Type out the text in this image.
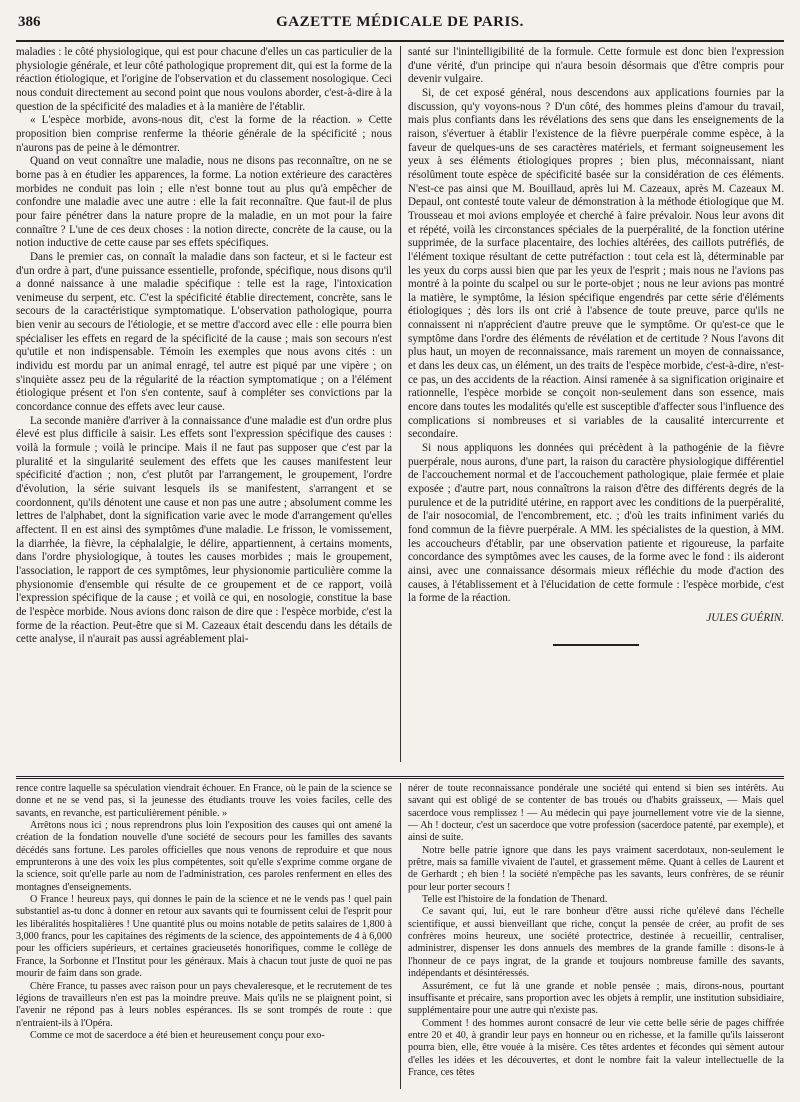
386	GAZETTE MÉDICALE DE PARIS.

maladies : le côté physiologique, qui est pour chacune d'elles un cas particulier de la physiologie générale, et leur côté pathologique proprement dit, qui est la forme de la réaction étiologique, et l'origine de l'observation et du classement nosologique. Ceci nous conduit directement au second point que nous voulons aborder, c'est-à-dire à la question de la spécificité des maladies et à la manière de l'établir.

« L'espèce morbide, avons-nous dit, c'est la forme de la réaction. » Cette proposition bien comprise renferme la théorie générale de la spécificité ; nous n'aurons pas de peine à le démontrer.

Quand on veut connaître une maladie, nous ne disons pas reconnaître, on ne se borne pas à en étudier les apparences, la forme. La notion extérieure des caractères morbides ne conduit pas loin ; elle n'est bonne tout au plus qu'à empêcher de confondre une maladie avec une autre : elle la fait reconnaître. Que faut-il de plus pour faire pénétrer dans la nature propre de la maladie, en un mot pour la faire connaître ? L'une de ces deux choses : la notion directe, concrète de la cause, ou la notion inductive de cette cause par ses effets spécifiques.

Dans le premier cas, on connaît la maladie dans son facteur, et si le facteur est d'un ordre à part, d'une puissance essentielle, profonde, spécifique, nous disons qu'il a donné naissance à une maladie spécifique : telle est la rage, l'intoxication venimeuse du serpent, etc. C'est la spécificité établie directement, concrète, sans le secours de la caractéristique symptomatique. L'observation pathologique, pourra bien venir au secours de l'étiologie, et se mettre d'accord avec elle : elle pourra bien spécialiser les effets en regard de la spécificité de la cause ; mais son secours n'est qu'utile et non indispensable. Témoin les exemples que nous avons cités : un individu est mordu par un animal enragé, tel autre est piqué par une vipère ; on s'inquiète assez peu de la régularité de la réaction symptomatique ; on a l'élément étiologique présent et l'on s'en contente, sauf à compléter ses convictions par la concordance connue des effets avec leur cause.

La seconde manière d'arriver à la connaissance d'une maladie est d'un ordre plus élevé est plus difficile à saisir. Les effets sont l'expression spécifique des causes : voilà la formule ; voilà le principe. Mais il ne faut pas supposer que c'est par la pluralité et la singularité seulement des effets que les causes manifestent leur spécificité d'action ; non, c'est plutôt par l'arrangement, le groupement, l'ordre d'évolution, la série suivant lesquels ils se manifestent, s'arrangent et se coordonnent, qu'ils dénotent une cause et non pas une autre ; absolument comme les lettres de l'alphabet, dont la signification varie avec le mode d'arrangement qu'elles affectent. Il en est ainsi des symptômes d'une maladie. Le frisson, le vomissement, la diarrhée, la fièvre, la céphalalgie, le délire, appartiennent, à certains moments, dans l'ordre physiologique, à toutes les causes morbides ; mais le groupement, l'association, le rapport de ces symptômes, leur physionomie particulière comme la physionomie d'ensemble qui résulte de ce groupement et de ce rapport, voilà l'expression spécifique de la cause ; et voilà ce qui, en nosologie, constitue la base de l'espèce morbide. Nous avions donc raison de dire que : l'espèce morbide, c'est la forme de la réaction. Peut-être que si M. Cazeaux était descendu dans les détails de cette analyse, il n'aurait pas aussi agréablement plai-

santé sur l'inintelligibilité de la formule. Cette formule est donc bien l'expression d'une vérité, d'un principe qui n'aura besoin désormais que d'être compris pour devenir vulgaire.

Si, de cet exposé général, nous descendons aux applications fournies par la discussion, qu'y voyons-nous ? D'un côté, des hommes pleins d'amour du travail, mais plus confiants dans les révélations des sens que dans les enseignements de la raison, s'évertuer à établir l'existence de la fièvre puerpérale comme espèce, à la faveur de quelques-uns de ses caractères matériels, et fermant soigneusement les yeux à ses éléments étiologiques propres ; bien plus, méconnaissant, niant résolûment toute espèce de spécificité basée sur la considération de ces éléments. N'est-ce pas ainsi que M. Bouillaud, après lui M. Cazeaux, après M. Cazeaux M. Depaul, ont contesté toute valeur de démonstration à la méthode étiologique que M. Trousseau et moi avions employée et cherché à faire prévaloir. Nous leur avons dit et répété, voilà les circonstances spéciales de la puerpéralité, de la fonction utérine supprimée, de la surface placentaire, des lochies altérées, des caillots putréfiés, de l'élément toxique résultant de cette putréfaction : tout cela est là, déterminable par les yeux du corps aussi bien que par les yeux de l'esprit ; mais nous ne l'avions pas montré à la pointe du scalpel ou sur le porte-objet ; nous ne leur avions pas montré la matière, le symptôme, la lésion spécifique engendrés par cette série d'éléments étiologiques ; dès lors ils ont crié à l'absence de toute preuve, parce qu'ils ne connaissent ni n'apprécient d'autre preuve que le symptôme. Or qu'est-ce que le symptôme dans l'ordre des éléments de révélation et de certitude ? Nous l'avons dit plus haut, un moyen de reconnaissance, mais rarement un moyen de connaissance, et dans les deux cas, un élément, un des traits de l'espèce morbide, c'est-à-dire, n'est-ce pas, un des accidents de la réaction. Ainsi ramenée à sa signification originaire et rationnelle, l'espèce morbide se conçoit non-seulement dans son essence, mais encore dans toutes les modalités qu'elle est susceptible d'affecter sous l'influence des complications si nombreuses et si variables de la causalité intercurrente et secondaire.

Si nous appliquons les données qui précèdent à la pathogénie de la fièvre puerpérale, nous aurons, d'une part, la raison du caractère physiologique différentiel de l'accouchement normal et de l'accouchement pathologique, plaie fermée et plaie exposée ; d'autre part, nous connaîtrons la raison d'être des différents degrés de la purulence et de la putridité utérine, en rapport avec les conditions de la puerpéralité, de l'air nosocomial, de l'encombrement, etc. ; d'où les traits infiniment variés du fond commun de la fièvre puerpérale. A MM. les spécialistes de la question, à MM. les accoucheurs d'établir, par une observation patiente et rigoureuse, la parfaite concordance des symptômes avec les causes, de la forme avec le fond : ils aideront ainsi, avec une connaissance désormais mieux réfléchie du mode d'action des causes, à l'établissement et à l'élucidation de cette formule : l'espèce morbide, c'est la forme de la réaction.

JULES GUÉRIN.

rence contre laquelle sa spéculation viendrait échouer. En France, où le pain de la science se donne et ne se vend pas, si la jeunesse des étudiants trouve les voies faciles, celle des savants, en revanche, est particulièrement pénible. »

Arrêtons nous ici ; nous reprendrons plus loin l'exposition des causes qui ont amené la création de la fondation nouvelle d'une société de secours pour les familles des savants décédés sans fortune. Les paroles officielles que nous venons de reproduire et que nous emprunterons à une des voix les plus compétentes, soit qu'elle s'exprime comme organe de la science, soit qu'elle parle au nom de l'administration, ces paroles renferment en elles des montagnes d'enseignements.

O France ! heureux pays, qui donnes le pain de la science et ne le vends pas ! quel pain substantiel as-tu donc à donner en retour aux savants qui te fournissent celui de l'esprit pour les libéralités hospitalières ! Une quantité plus ou moins notable de petits salaires de 1,800 à 3,000 francs, pour les capitaines des régiments de la science, des appointements de 4 à 6,000 pour les officiers supérieurs, et certaines gracieusetés honorifiques, comme le collège de France, la Sorbonne et l'Institut pour les généraux. Mais à chacun tout juste de quoi ne pas mourir de faim dans son grade.

Chère France, tu passes avec raison pour un pays chevaleresque, et le recrutement de tes légions de travailleurs n'en est pas la moindre preuve. Mais qu'ils ne se plaignent point, si l'avenir ne répond pas à leurs nobles espérances. Ils se sont trompés de route : que n'entraient-ils à l'Opéra.

Comme ce mot de sacerdoce a été bien et heureusement conçu pour exo-

nérer de toute reconnaissance pondérale une société qui entend si bien ses intérêts. Au savant qui est obligé de se contenter de bas troués ou d'habits graisseux, — Mais quel sacerdoce vous remplissez ! — Au médecin qui paye journellement votre vie de la sienne, — Ah ! docteur, c'est un sacerdoce que votre profession (sacerdoce patenté, par exemple), et ainsi de suite.

Notre belle patrie ignore que dans les pays vraiment sacerdotaux, non-seulement le prêtre, mais sa famille vivaient de l'autel, et grassement même. Quant à celles de Laurent et de Gerhardt ; eh bien ! la société n'empêche pas les savants, leurs confrères, de se réunir pour leur porter secours !

Telle est l'histoire de la fondation de Thenard.

Ce savant qui, lui, eut le rare bonheur d'être aussi riche qu'élevé dans l'échelle scientifique, et aussi bienveillant que riche, conçut la pensée de créer, au profit de ses confrères moins heureux, une société protectrice, destinée à recueillir, centraliser, administrer, dispenser les dons annuels des membres de la grande famille : disons-le à l'honneur de ce pays ingrat, de la grande et toujours nombreuse famille des savants, indépendants et désintéressés.

Assurément, ce fut là une grande et noble pensée ; mais, dirons-nous, pourtant insuffisante et précaire, sans proportion avec les objets à remplir, une institution subsidiaire, supplémentaire pour une autre qui n'existe pas.

Comment ! des hommes auront consacré de leur vie cette belle série de pages chiffrée entre 20 et 40, à grandir leur pays en honneur ou en richesse, et la famille qu'ils laisseront pourra bien, elle, être vouée à la misère. Ces têtes ardentes et fécondes qui sèment autour d'elles les idées et les découvertes, et dont le nombre fait la valeur intellectuelle de la France, ces têtes
